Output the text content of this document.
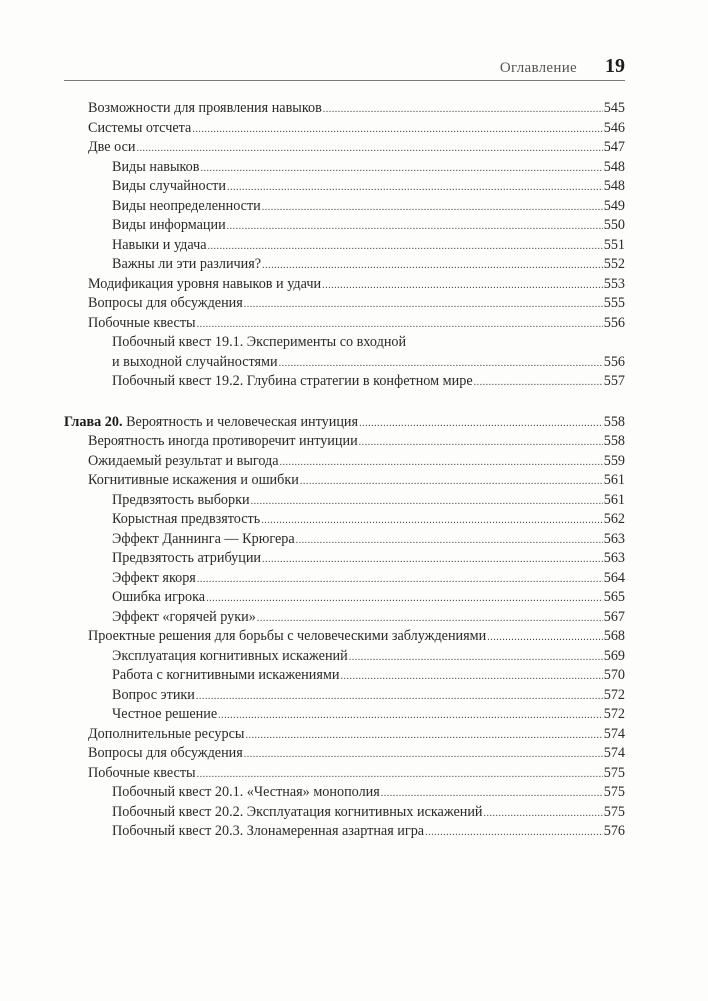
Оглавление 19
Возможности для проявления навыков .....	545
Системы отсчета .....	546
Две оси .....	547
Виды навыков .....	548
Виды случайности .....	548
Виды неопределенности .....	549
Виды информации .....	550
Навыки и удача .....	551
Важны ли эти различия? .....	552
Модификация уровня навыков и удачи .....	553
Вопросы для обсуждения .....	555
Побочные квесты .....	556
Побочный квест 19.1. Эксперименты со входной
и выходной случайностями .....	556
Побочный квест 19.2. Глубина стратегии в конфетном мире .....	557
Глава 20. Вероятность и человеческая интуиция .....	558
Вероятность иногда противоречит интуиции .....	558
Ожидаемый результат и выгода .....	559
Когнитивные искажения и ошибки .....	561
Предвзятость выборки .....	561
Корыстная предвзятость .....	562
Эффект Даннинга — Крюгера .....	563
Предвзятость атрибуции .....	563
Эффект якоря .....	564
Ошибка игрока .....	565
Эффект «горячей руки» .....	567
Проектные решения для борьбы с человеческими заблуждениями .....	568
Эксплуатация когнитивных искажений .....	569
Работа с когнитивными искажениями .....	570
Вопрос этики .....	572
Честное решение .....	572
Дополнительные ресурсы .....	574
Вопросы для обсуждения .....	574
Побочные квесты .....	575
Побочный квест 20.1. «Честная» монополия .....	575
Побочный квест 20.2. Эксплуатация когнитивных искажений .....	575
Побочный квест 20.3. Злонамеренная азартная игра .....	576
